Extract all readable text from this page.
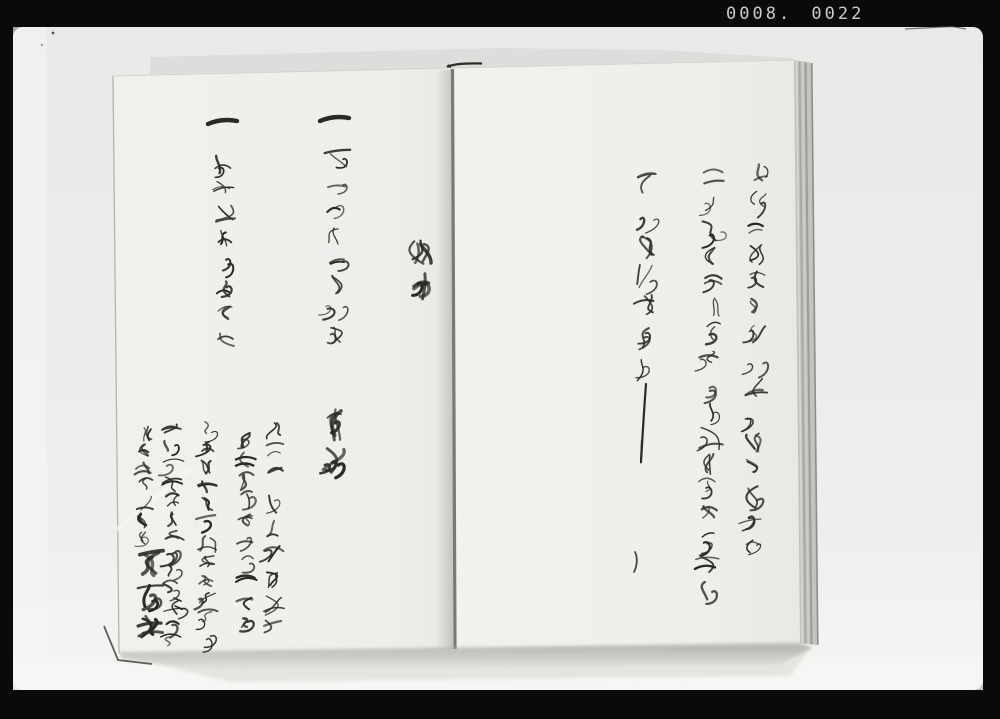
0008. 0022
